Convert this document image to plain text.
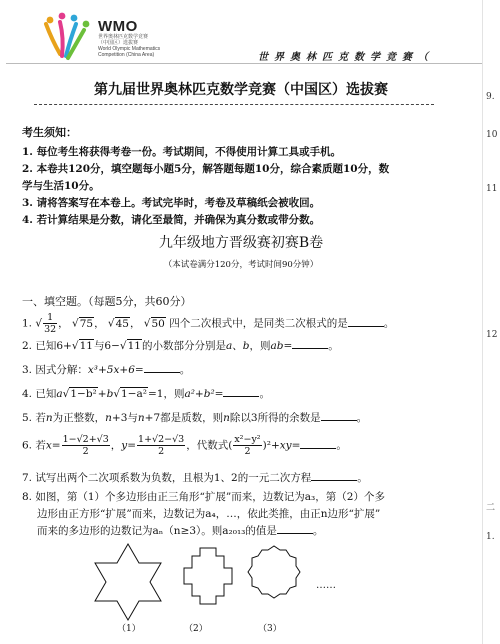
WMO
世界奥林匹克数学竞赛
（中国区）选拔赛
World Olympic Mathematics
Competition (China Area)	世界奥林匹克数学竞赛（
第九届世界奥林匹克数学竞赛（中国区）选拔赛
考生须知：
1. 每位考生将获得考卷一份。考试期间，不得使用计算工具或手机。
2. 本卷共120分，填空题每小题5分，解答题每题10分，综合素质题10分，数
学与生活10分。
3. 请将答案写在本卷上。考试完毕时，考卷及草稿纸会被收回。
4. 若计算结果是分数，请化至最简，并确保为真分数或带分数。
九年级地方晋级赛初赛B卷
（本试卷满分120分，考试时间90分钟）
一、填空题。（每题5分，共60分）
1. √ $\frac{1}{32}$ ， √75， √45， √50 四个二次根式中，是同类二次根式的是	。
2. 已知6+√11与6−√11的小数部分分别是a、b，则ab=	。
3. 因式分解：x³+5x+6=	。
4. 已知a√1−b²+b√1−a²=1，则a²+b²=	。
5. 若n为正整数，n+3与n+7都是质数，则n除以3所得的余数是	。
6. 若$x= \frac{1-√2+√3}{2}$ ，$y= \frac{1+√2-√3}{2}$ ，代数式( $\frac{\text{x²−y²}}{2} )^2+xy=$	。
7. 试写出两个二次项系数为负数，且根为1、2的一元二次方程	。
8. 如图，第（1）个多边形由正三角形“扩展”而来，边数记为a₃，第（2）个多
边形由正方形“扩展”而来，边数记为a₄，…，依此类推，由正n边形“扩展”
而来的多边形的边数记为aₙ（n≥3）。则a₂₀₁₃的值是	。
……
（1）	（2）	（3）
9.
10
11
12
二
1.
